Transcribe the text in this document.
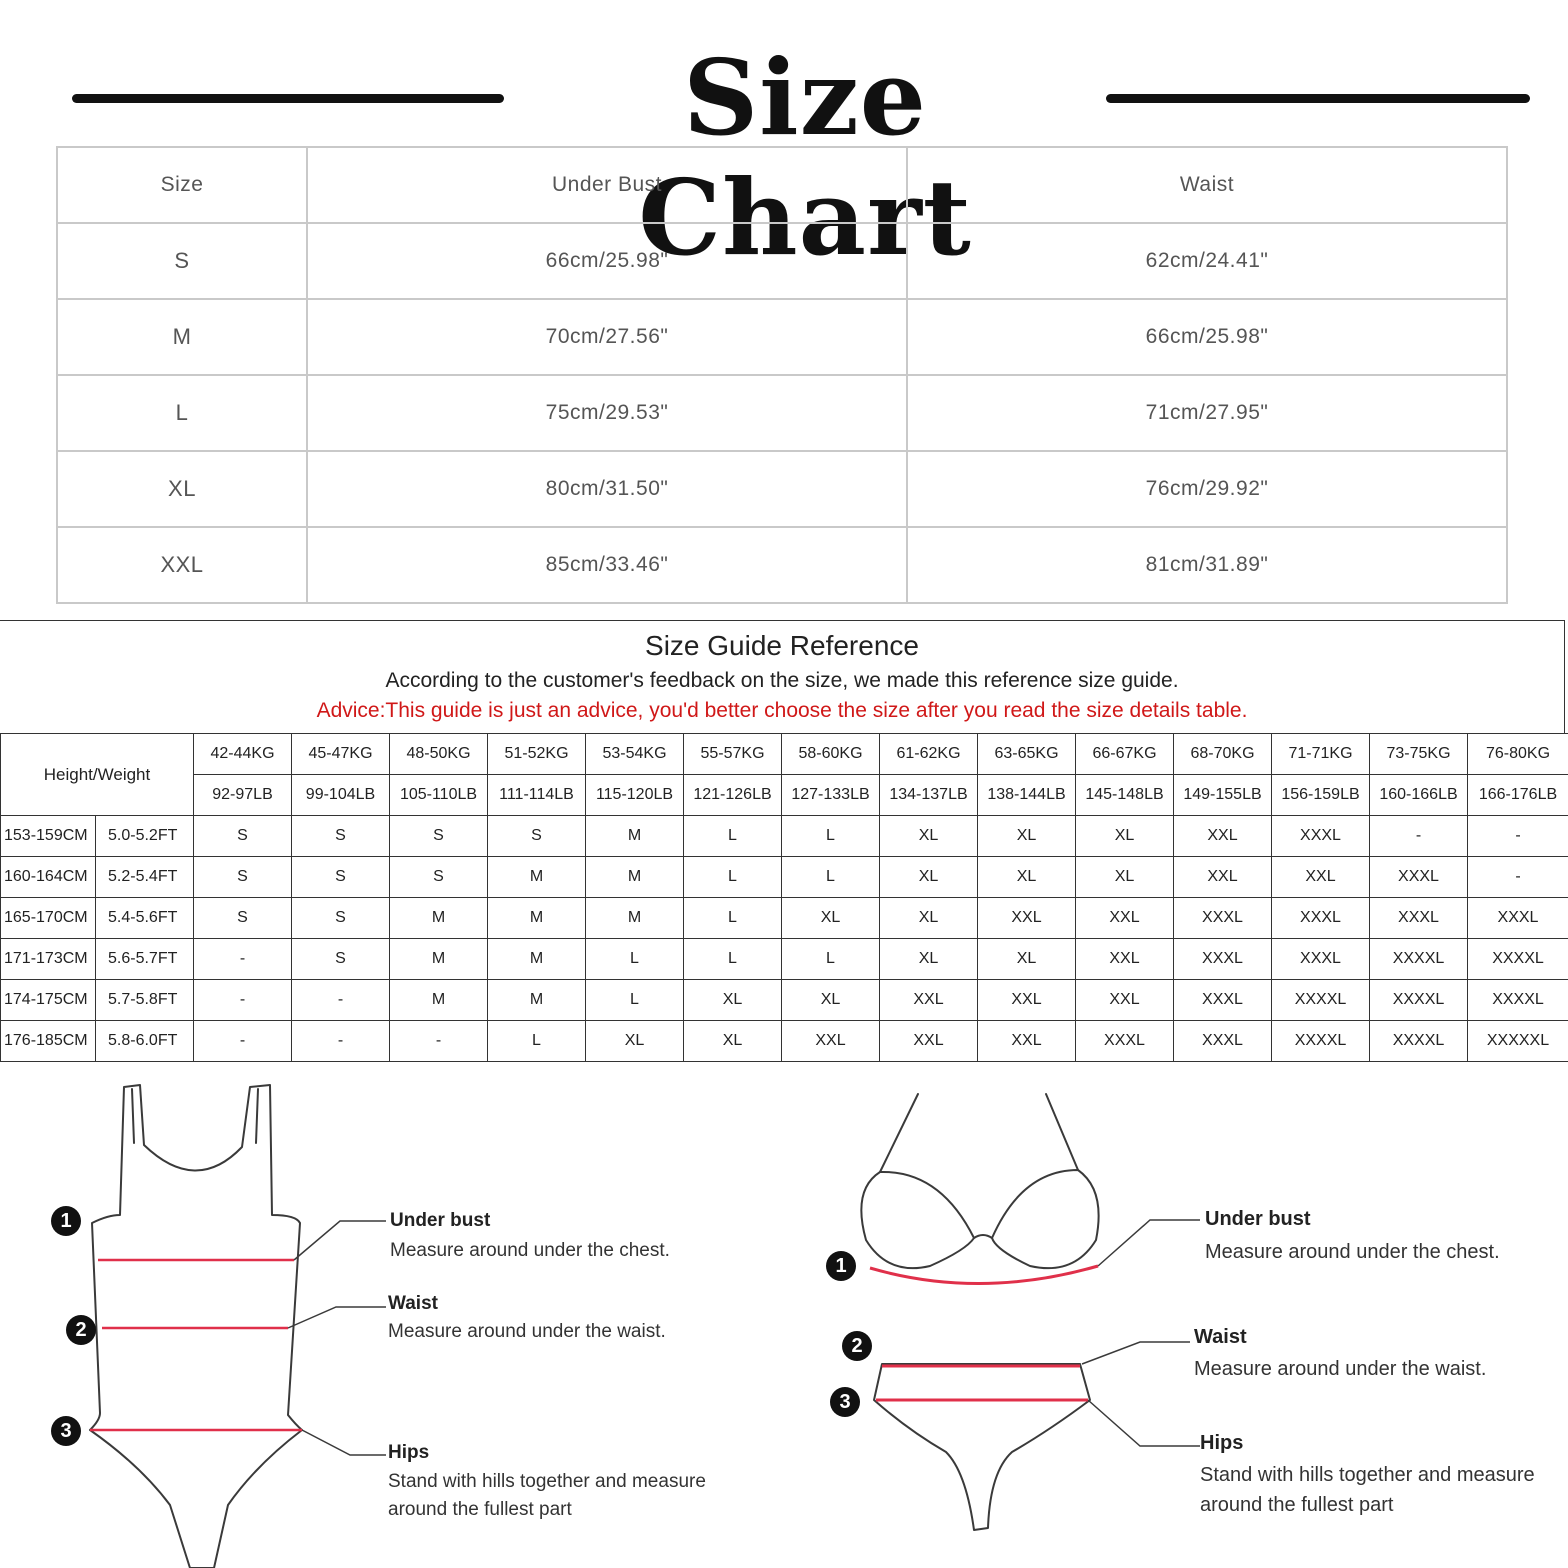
Size Chart
Size	Under Bust	Waist
S	66cm/25.98"	62cm/24.41"
M	70cm/27.56"	66cm/25.98"
L	75cm/29.53"	71cm/27.95"
XL	80cm/31.50"	76cm/29.92"
XXL	85cm/33.46"	81cm/31.89"
Size Guide Reference
According to the customer's feedback on the size, we made this reference size guide.
Advice:This guide is just an advice, you'd better choose the size after you read the size details table.
Height/Weight		42-44KG	45-47KG	48-50KG	51-52KG	53-54KG	55-57KG	58-60KG	61-62KG	63-65KG	66-67KG	68-70KG	71-71KG	73-75KG	76-80KG
		92-97LB	99-104LB	105-110LB	111-114LB	115-120LB	121-126LB	127-133LB	134-137LB	138-144LB	145-148LB	149-155LB	156-159LB	160-166LB	166-176LB
153-159CM	5.0-5.2FT	S	S	S	S	M	L	L	XL	XL	XL	XXL	XXXL	-	-
160-164CM	5.2-5.4FT	S	S	S	M	M	L	L	XL	XL	XL	XXL	XXL	XXXL	-
165-170CM	5.4-5.6FT	S	S	M	M	M	L	XL	XL	XXL	XXL	XXXL	XXXL	XXXL	XXXL
171-173CM	5.6-5.7FT	-	S	M	M	L	L	L	XL	XL	XXL	XXXL	XXXL	XXXXL	XXXXL
174-175CM	5.7-5.8FT	-	-	M	M	L	XL	XL	XXL	XXL	XXL	XXXL	XXXXL	XXXXL	XXXXL
176-185CM	5.8-6.0FT	-	-	-	L	XL	XL	XXL	XXL	XXL	XXXL	XXXL	XXXXL	XXXXL	XXXXXL
1
2
3
Under bust
Measure around under the chest.
Waist
Measure around under the waist.
Hips
Stand with hills together and measure
around the fullest part
1
2
3
Under bust
Measure around under the chest.
Waist
Measure around under the waist.
Hips
Stand with hills together and measure
around the fullest part
